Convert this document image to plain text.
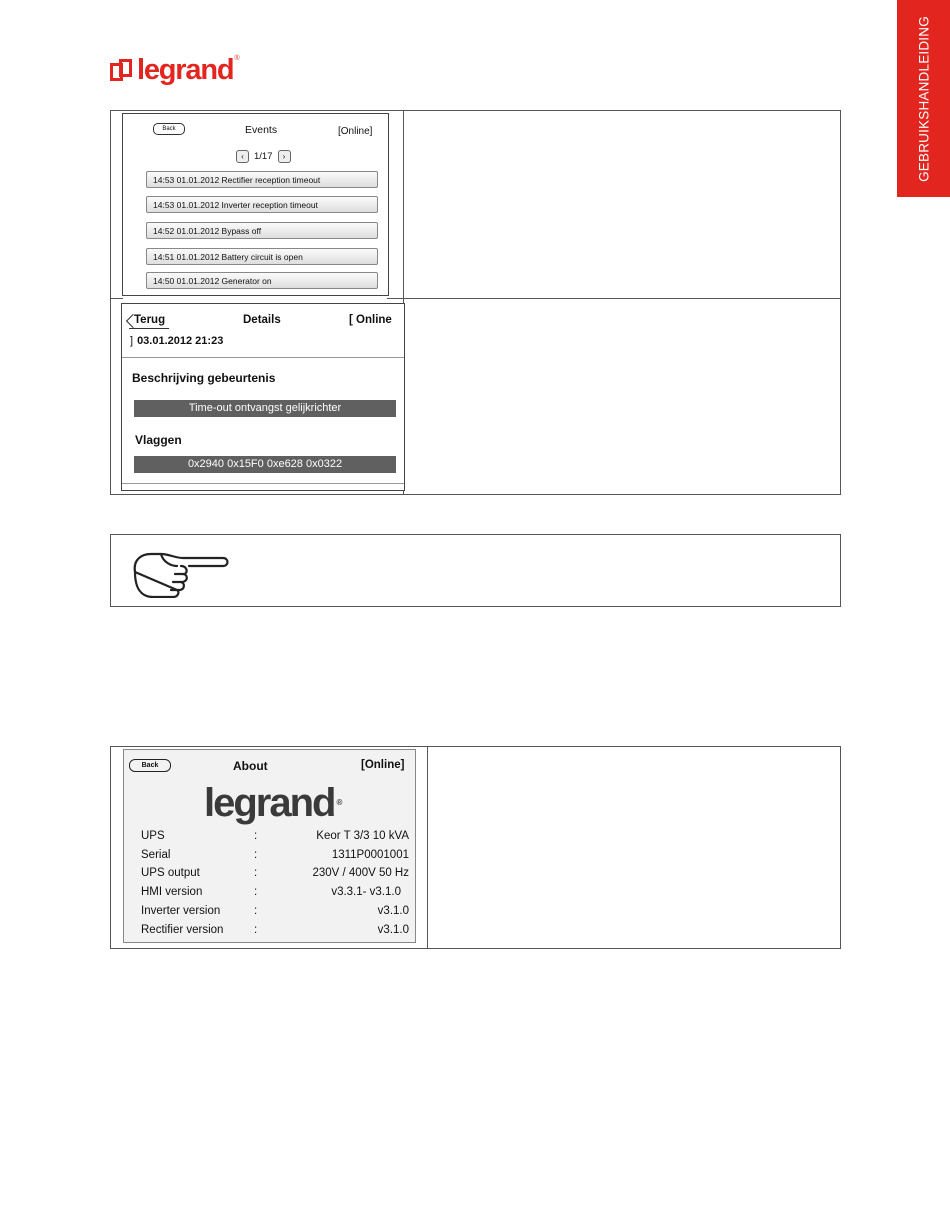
GEBRUIKSHANDLEIDING
legrand ®
Back	Events	[Online]
‹	1/17	›
14:53 01.01.2012 Rectifier reception timeout
14:53 01.01.2012 Inverter reception timeout
14:52 01.01.2012 Bypass off
14:51 01.01.2012 Battery circuit is open
14:50 01.01.2012 Generator on
Terug	Details	[ Online
] 03.01.2012 21:23
Beschrijving gebeurtenis
Time-out ontvangst gelijkrichter
Vlaggen
0x2940 0x15F0 0xe628 0x0322
Back	About	[Online]
legrand ®
UPS	:	Keor T 3/3 10 kVA
Serial	:	1311P0001001
UPS output	:	230V / 400V 50 Hz
HMI version	:	v3.3.1- v3.1.0
Inverter version	:	v3.1.0
Rectifier version	:	v3.1.0
